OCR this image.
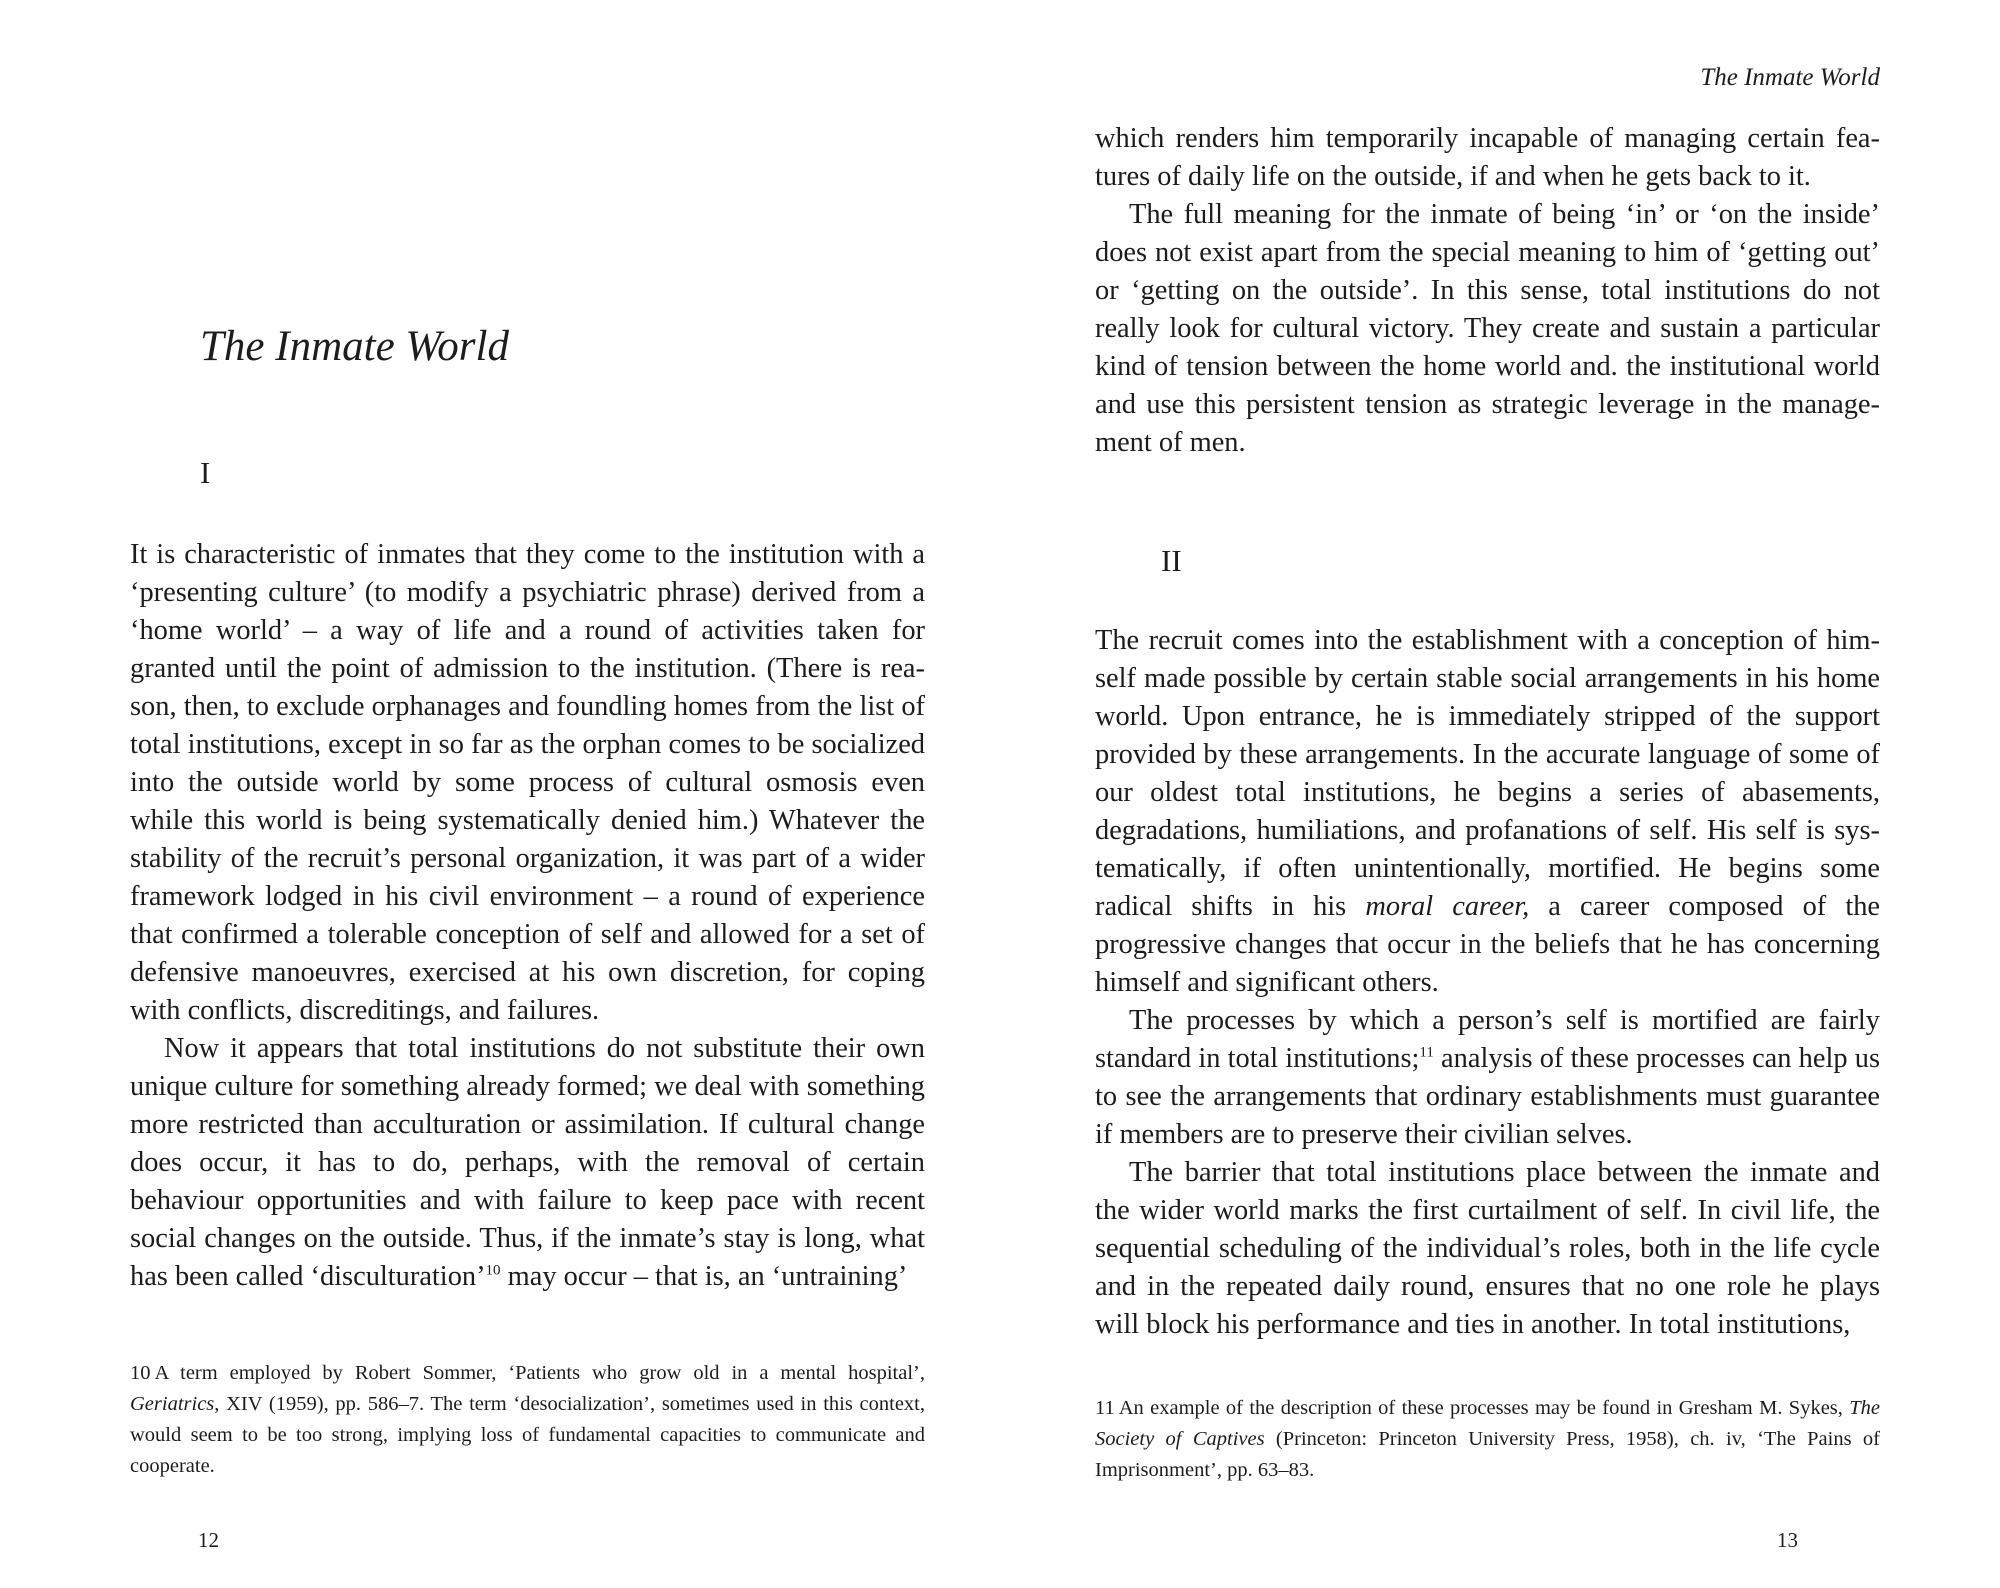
The Inmate World
I

It is characteristic of inmates that they come to the institution with a ‘presenting culture’ (to modify a psychiatric phrase) derived from a ‘home world’ – a way of life and a round of activities taken for granted until the point of admission to the institution. (There is reason, then, to exclude orphanages and foundling homes from the list of total institutions, except in so far as the orphan comes to be socialized into the outside world by some process of cultural osmosis even while this world is being systematically denied him.) Whatever the stability of the recruit’s personal organization, it was part of a wider framework lodged in his civil environment – a round of experience that confirmed a tolerable conception of self and allowed for a set of defensive manoeuvres, exercised at his own discretion, for coping with conflicts, discreditings, and failures.

Now it appears that total institutions do not substitute their own unique culture for something already formed; we deal with something more restricted than acculturation or assimilation. If cultural change does occur, it has to do, perhaps, with the removal of certain behaviour opportunities and with failure to keep pace with recent social changes on the outside. Thus, if the inmate’s stay is long, what has been called ‘disculturation’$^{10}$ may occur – that is, an ‘untraining’

10 A term employed by Robert Sommer, ‘Patients who grow old in a mental hospital’, Geriatrics, XIV (1959), pp. 586–7. The term ‘desocialization’, sometimes used in this context, would seem to be too strong, implying loss of fundamental capacities to communicate and cooperate.

12

The Inmate World

which renders him temporarily incapable of managing certain features of daily life on the outside, if and when he gets back to it.

The full meaning for the inmate of being ‘in’ or ‘on the inside’ does not exist apart from the special meaning to him of ‘getting out’ or ‘getting on the outside’. In this sense, total institutions do not really look for cultural victory. They create and sustain a particular kind of tension between the home world and. the institutional world and use this persistent tension as strategic leverage in the management of men.

II

The recruit comes into the establishment with a conception of himself made possible by certain stable social arrangements in his home world. Upon entrance, he is immediately stripped of the support provided by these arrangements. In the accurate language of some of our oldest total institutions, he begins a series of abasements, degradations, humiliations, and profanations of self. His self is systematically, if often unintentionally, mortified. He begins some radical shifts in his moral career, a career composed of the progressive changes that occur in the beliefs that he has concerning himself and significant others.

The processes by which a person’s self is mortified are fairly standard in total institutions;$^{11}$ analysis of these processes can help us to see the arrangements that ordinary establishments must guarantee if members are to preserve their civilian selves.

The barrier that total institutions place between the inmate and the wider world marks the first curtailment of self. In civil life, the sequential scheduling of the individual’s roles, both in the life cycle and in the repeated daily round, ensures that no one role he plays will block his performance and ties in another. In total institutions,

11 An example of the description of these processes may be found in Gresham M. Sykes, The Society of Captives (Princeton: Princeton University Press, 1958), ch. iv, ‘The Pains of Imprisonment’, pp. 63–83.

13
